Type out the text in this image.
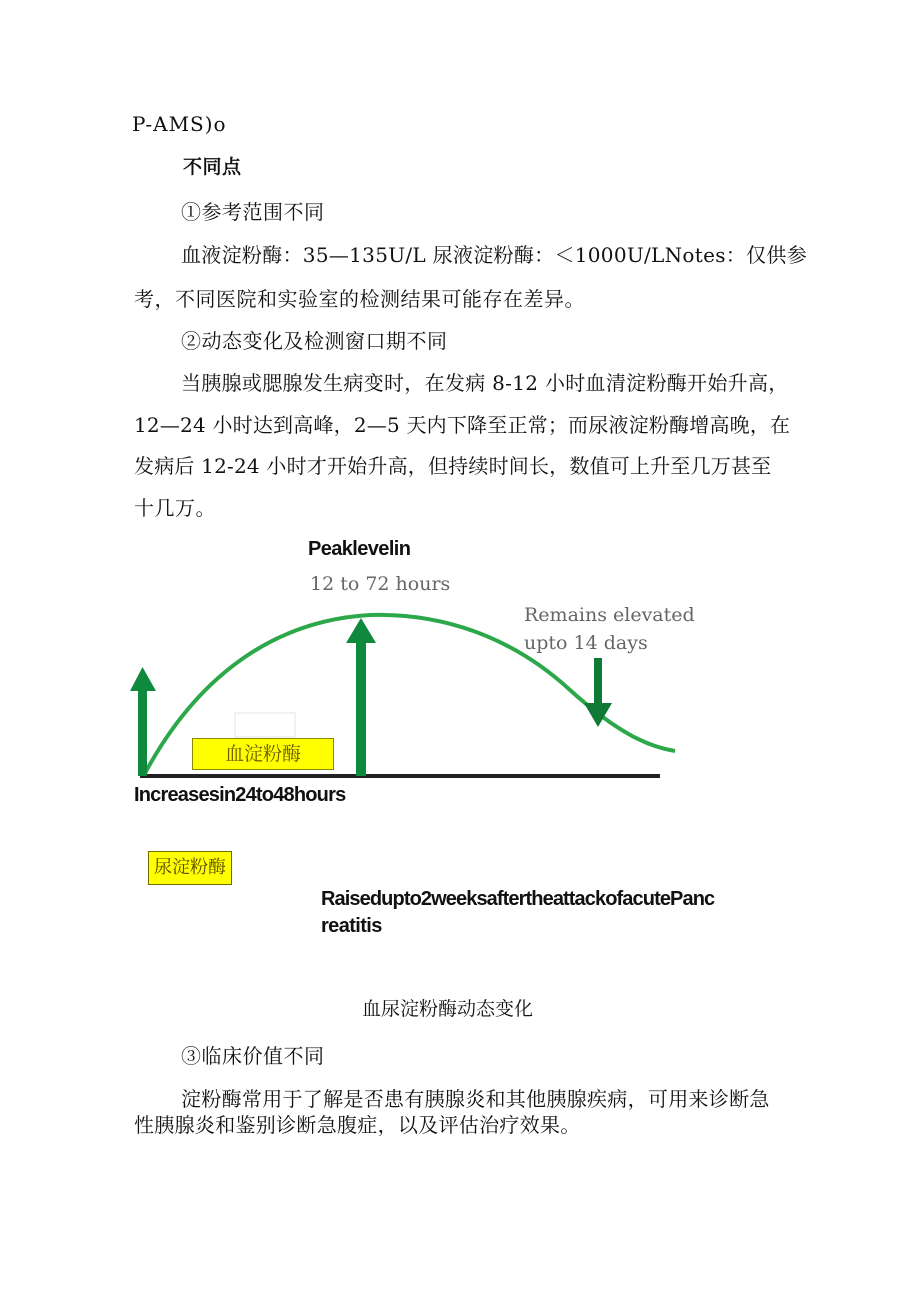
P-AMS)o

不同点

①参考范围不同

血液淀粉酶：35—135U/L 尿液淀粉酶：＜1000U/LNotes：仅供参

考，不同医院和实验室的检测结果可能存在差异。

②动态变化及检测窗口期不同

当胰腺或腮腺发生病变时，在发病 8-12 小时血清淀粉酶开始升高，

12—24 小时达到高峰，2—5 天内下降至正常；而尿液淀粉酶增高晚，在

发病后 12-24 小时才开始升高，但持续时间长，数值可上升至几万甚至

十几万。

Peaklevelin

12 to 72 hours
Remains elevated
upto 14 days
血淀粉酶

Increasesin24to48hours

尿淀粉酶

Raisedupto2weeksaftertheattackofacutePanc

reatitis

血尿淀粉酶动态变化

③临床价值不同

淀粉酶常用于了解是否患有胰腺炎和其他胰腺疾病，可用来诊断急

性胰腺炎和鉴别诊断急腹症，以及评估治疗效果。
